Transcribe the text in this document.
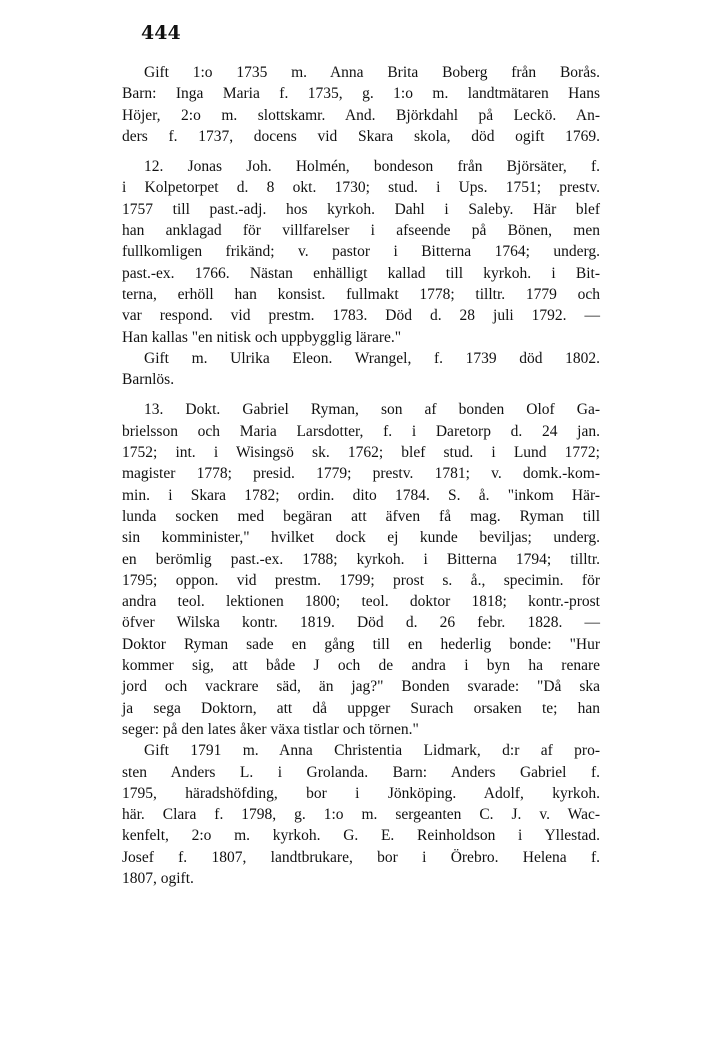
444
Gift 1:o 1735 m. Anna Brita Boberg från Borås.
Barn: Inga Maria f. 1735, g. 1:o m. landtmätaren Hans
Höjer, 2:o m. slottskamr. And. Björkdahl på Leckö. An-
ders f. 1737, docens vid Skara skola, död ogift 1769.
12. Jonas Joh. Holmén, bondeson från Björsäter, f.
i Kolpetorpet d. 8 okt. 1730; stud. i Ups. 1751; prestv.
1757 till past.-adj. hos kyrkoh. Dahl i Saleby. Här blef
han anklagad för villfarelser i afseende på Bönen, men
fullkomligen frikänd; v. pastor i Bitterna 1764; underg.
past.-ex. 1766. Nästan enhälligt kallad till kyrkoh. i Bit-
terna, erhöll han konsist. fullmakt 1778; tilltr. 1779 och
var respond. vid prestm. 1783. Död d. 28 juli 1792. —
Han kallas "en nitisk och uppbygglig lärare."
Gift m. Ulrika Eleon. Wrangel, f. 1739 död 1802.
Barnlös.
13. Dokt. Gabriel Ryman, son af bonden Olof Ga-
brielsson och Maria Larsdotter, f. i Daretorp d. 24 jan.
1752; int. i Wisingsö sk. 1762; blef stud. i Lund 1772;
magister 1778; presid. 1779; prestv. 1781; v. domk.-kom-
min. i Skara 1782; ordin. dito 1784. S. å. "inkom Här-
lunda socken med begäran att äfven få mag. Ryman till
sin komminister," hvilket dock ej kunde beviljas; underg.
en berömlig past.-ex. 1788; kyrkoh. i Bitterna 1794; tilltr.
1795; oppon. vid prestm. 1799; prost s. å., specimin. för
andra teol. lektionen 1800; teol. doktor 1818; kontr.-prost
öfver Wilska kontr. 1819. Död d. 26 febr. 1828. —
Doktor Ryman sade en gång till en hederlig bonde: "Hur
kommer sig, att både J och de andra i byn ha renare
jord och vackrare säd, än jag?" Bonden svarade: "Då ska
ja sega Doktorn, att då uppger Surach orsaken te; han
seger: på den lates åker växa tistlar och törnen."
Gift 1791 m. Anna Christentia Lidmark, d:r af pro-
sten Anders L. i Grolanda. Barn: Anders Gabriel f.
1795, häradshöfding, bor i Jönköping. Adolf, kyrkoh.
här. Clara f. 1798, g. 1:o m. sergeanten C. J. v. Wac-
kenfelt, 2:o m. kyrkoh. G. E. Reinholdson i Yllestad.
Josef f. 1807, landtbrukare, bor i Örebro. Helena f.
1807, ogift.
